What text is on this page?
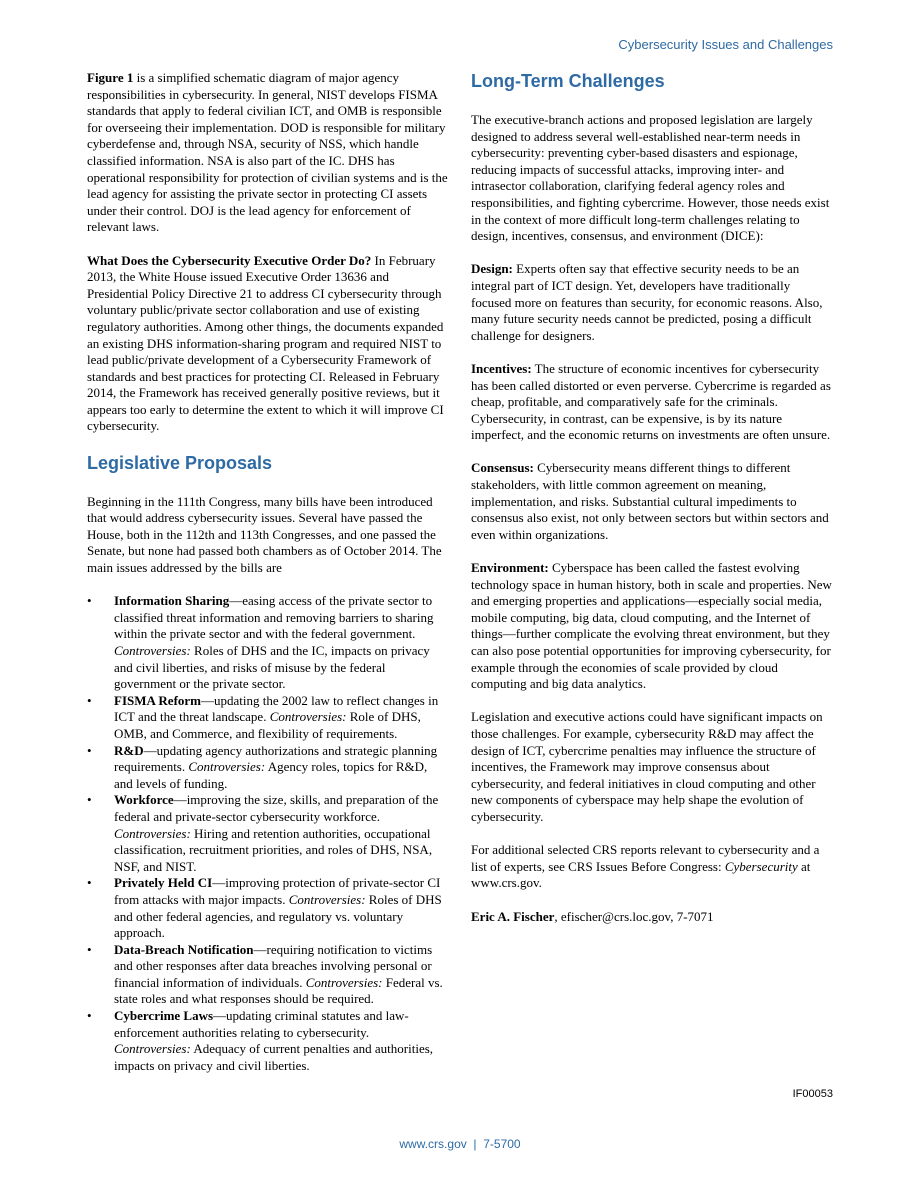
Cybersecurity Issues and Challenges

Figure 1 is a simplified schematic diagram of major agency responsibilities in cybersecurity. In general, NIST develops FISMA standards that apply to federal civilian ICT, and OMB is responsible for overseeing their implementation. DOD is responsible for military cyberdefense and, through NSA, security of NSS, which handle classified information. NSA is also part of the IC. DHS has operational responsibility for protection of civilian systems and is the lead agency for assisting the private sector in protecting CI assets under their control. DOJ is the lead agency for enforcement of relevant laws.

What Does the Cybersecurity Executive Order Do? In February 2013, the White House issued Executive Order 13636 and Presidential Policy Directive 21 to address CI cybersecurity through voluntary public/private sector collaboration and use of existing regulatory authorities. Among other things, the documents expanded an existing DHS information-sharing program and required NIST to lead public/private development of a Cybersecurity Framework of standards and best practices for protecting CI. Released in February 2014, the Framework has received generally positive reviews, but it appears too early to determine the extent to which it will improve CI cybersecurity.

Legislative Proposals

Beginning in the 111th Congress, many bills have been introduced that would address cybersecurity issues. Several have passed the House, both in the 112th and 113th Congresses, and one passed the Senate, but none had passed both chambers as of October 2014. The main issues addressed by the bills are

• Information Sharing—easing access of the private sector to classified threat information and removing barriers to sharing within the private sector and with the federal government. Controversies: Roles of DHS and the IC, impacts on privacy and civil liberties, and risks of misuse by the federal government or the private sector.
• FISMA Reform—updating the 2002 law to reflect changes in ICT and the threat landscape. Controversies: Role of DHS, OMB, and Commerce, and flexibility of requirements.
• R&D—updating agency authorizations and strategic planning requirements. Controversies: Agency roles, topics for R&D, and levels of funding.
• Workforce—improving the size, skills, and preparation of the federal and private-sector cybersecurity workforce. Controversies: Hiring and retention authorities, occupational classification, recruitment priorities, and roles of DHS, NSA, NSF, and NIST.
• Privately Held CI—improving protection of private-sector CI from attacks with major impacts. Controversies: Roles of DHS and other federal agencies, and regulatory vs. voluntary approach.
• Data-Breach Notification—requiring notification to victims and other responses after data breaches involving personal or financial information of individuals. Controversies: Federal vs. state roles and what responses should be required.
• Cybercrime Laws—updating criminal statutes and law-enforcement authorities relating to cybersecurity. Controversies: Adequacy of current penalties and authorities, impacts on privacy and civil liberties.
Long-Term Challenges

The executive-branch actions and proposed legislation are largely designed to address several well-established near-term needs in cybersecurity: preventing cyber-based disasters and espionage, reducing impacts of successful attacks, improving inter- and intrasector collaboration, clarifying federal agency roles and responsibilities, and fighting cybercrime. However, those needs exist in the context of more difficult long-term challenges relating to design, incentives, consensus, and environment (DICE):

Design: Experts often say that effective security needs to be an integral part of ICT design. Yet, developers have traditionally focused more on features than security, for economic reasons. Also, many future security needs cannot be predicted, posing a difficult challenge for designers.

Incentives: The structure of economic incentives for cybersecurity has been called distorted or even perverse. Cybercrime is regarded as cheap, profitable, and comparatively safe for the criminals. Cybersecurity, in contrast, can be expensive, is by its nature imperfect, and the economic returns on investments are often unsure.

Consensus: Cybersecurity means different things to different stakeholders, with little common agreement on meaning, implementation, and risks. Substantial cultural impediments to consensus also exist, not only between sectors but within sectors and even within organizations.

Environment: Cyberspace has been called the fastest evolving technology space in human history, both in scale and properties. New and emerging properties and applications—especially social media, mobile computing, big data, cloud computing, and the Internet of things—further complicate the evolving threat environment, but they can also pose potential opportunities for improving cybersecurity, for example through the economies of scale provided by cloud computing and big data analytics.

Legislation and executive actions could have significant impacts on those challenges. For example, cybersecurity R&D may affect the design of ICT, cybercrime penalties may influence the structure of incentives, the Framework may improve consensus about cybersecurity, and federal initiatives in cloud computing and other new components of cyberspace may help shape the evolution of cybersecurity.

For additional selected CRS reports relevant to cybersecurity and a list of experts, see CRS Issues Before Congress: Cybersecurity at www.crs.gov.

Eric A. Fischer, efischer@crs.loc.gov, 7-7071

IF00053
www.crs.gov | 7-5700
